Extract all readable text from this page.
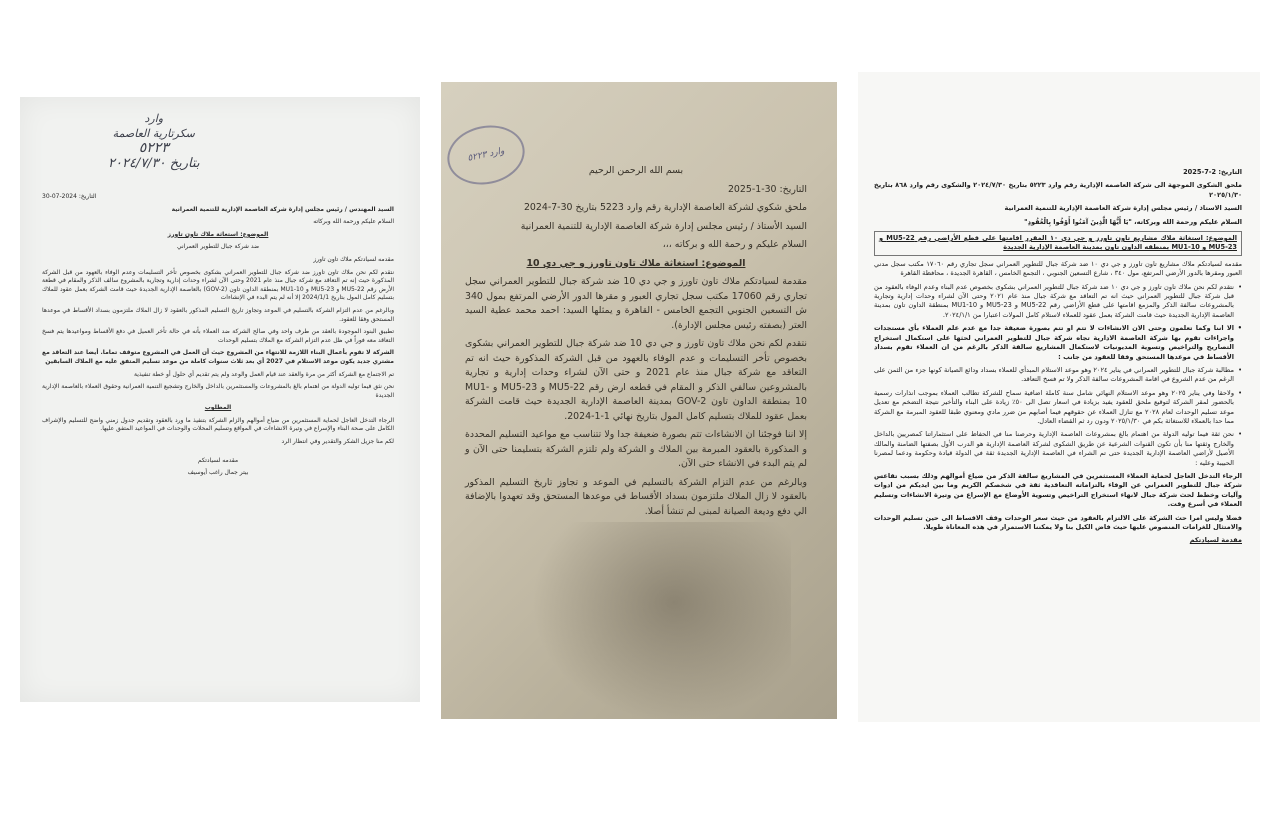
وارد
سكرتارية العاصمة
٥٢٢٣
بتاريخ ٢٠٢٤/٧/٣٠

التاريخ: 2024-07-30

السيد المهندس / رئيس مجلس إدارة شركة العاصمة الإدارية للتنمية العمرانية

السلام عليكم ورحمة الله وبركاته

الموضوع: استغاثة ملاك تاون تاورز

ضد شركة جبال للتطوير العمراني

مقدمه لسيادتكم ملاك تاون تاورز

نتقدم لكم نحن ملاك تاون تاورز ضد شركة جبال للتطوير العمراني بشكوى بخصوص تأخر التسليمات وعدم الوفاء بالعهود من قبل الشركة المذكورة حيث إنه تم التعاقد مع شركة جبال منذ عام 2021 وحتى الآن لشراء وحدات إدارية وتجارية بالمشروع سالف الذكر والمقام في قطعة الأرض رقم MU5-22 و MU5-23 و MU1-10 بمنطقة الداون تاون (GOV-2) بالعاصمة الإدارية الجديدة حيث قامت الشركة بعمل عقود للملاك بتسليم كامل المول بتاريخ 2024/1/1 إلا أنه لم يتم البدء في الإنشاءات

وبالرغم من عدم التزام الشركة بالتسليم في الموعد وتجاوز تاريخ التسليم المذكور بالعقود لا زال الملاك ملتزمون بسداد الأقساط في موعدها المستحق وفقا للعقود.

تطبيق البنود الموجودة بالعقد من طرف واحد وفي صالح الشركة ضد العملاء بأنه في حالة تأخر العميل في دفع الأقساط ومواعيدها يتم فسخ التعاقد معه فوراً في ظل عدم التزام الشركة مع الملاك بتسليم الوحدات

الشركة لا تقوم بأعمال البناء اللازمة للانتهاء من المشروع حيث أن العمل في المشروع متوقف تماما. أيضا عند التعاقد مع مشتري جديد يكون موعد الاستلام في 2027 أي بعد ثلاث سنوات كاملة من موعد تسليم المتفق عليه مع الملاك السابقين

تم الاجتماع مع الشركة أكثر من مرة والعقد عند قيام العمل والوعد ولم يتم تقديم أي حلول أو خطة تنفيذية

نحن نثق فيما توليه الدولة من اهتمام بالغ بالمشروعات والمستثمرين بالداخل والخارج وتشجيع التنمية العمرانية وحقوق العملاء بالعاصمة الإدارية الجديدة

المطلوب

الرجاء التدخل العاجل لحماية المستثمرين من ضياع أموالهم والزام الشركة بتنفيذ ما ورد بالعقود وتقديم جدول زمني واضح للتسليم والإشراف الكامل على صحة البناء والإسراع في وتيرة الانشاءات في المواقع وتسليم المحلات والوحدات في المواعيد المتفق عليها.

لكم منا جزيل الشكر والتقدير وفي انتظار الرد

مقدمه لسيادتكم

بيتر جمال راغب أيوسيف

وارد ٥٢٢٣

بسم الله الرحمن الرحيم

التاريخ: 30-1-2025

ملحق شكوي لشركة العاصمة الإدارية رقم وارد 5223 بتاريخ 30-7-2024

السيد الأستاذ / رئيس مجلس إدارة شركة العاصمة الإدارية للتنمية العمرانية

السلام عليكم و رحمة الله و بركاته ،،،

الموضوع: استغاثة ملاك تاون تاورز و جي دي 10

مقدمة لسيادتكم ملاك تاون تاورز و جي دي 10 ضد شركة جبال للتطوير العمراني سجل تجاري رقم 17060 مكتب سجل تجاري العبور و مقرها الدور الأرضي المرتفع بمول 340 ش التسعين الجنوبي التجمع الخامس - القاهرة و يمثلها السيد: احمد محمد عطية السيد العتر (بصفته رئيس مجلس الإدارة).

نتقدم لكم نحن ملاك تاون تاورز و جي دي 10 ضد شركة جبال للتطوير العمراني بشكوى بخصوص تأخر التسليمات و عدم الوفاء بالعهود من قبل الشركة المذكورة حيث انه تم التعاقد مع شركة جبال منذ عام 2021 و حتى الآن لشراء وحدات إدارية و تجارية بالمشروعين سالفي الذكر و المقام في قطعه ارض رقم MU5-22 و MU5-23 و MU1-10 بمنطقة الداون تاون GOV-2 بمدينة العاصمة الإدارية الجديدة حيث قامت الشركة بعمل عقود للملاك بتسليم كامل المول بتاريخ نهائي 1-1-2024.

إلا اننا فوجئنا ان الانشاءات تتم بصورة ضعيفة جدا ولا تتناسب مع مواعيد التسليم المحددة و المذكورة بالعقود المبرمة بين الملاك و الشركة ولم تلتزم الشركة بتسليمنا حتى الآن و لم يتم البدء في الانشاء حتى الآن.

وبالرغم من عدم التزام الشركة بالتسليم في الموعد و تجاوز تاريخ التسليم المذكور بالعقود لا زال الملاك ملتزمون بسداد الأقساط في موعدها المستحق وقد تعهدوا بالإضافة الي دفع وديعة الصيانة لمبنى لم تنشأ أصلا.

التاريخ: 2-7-2025

ملحق الشكوى الموجهة الى شركة العاصمه الإدارية رقم وارد ٥٢٢٣ بتاريخ ٢٠٢٤/٧/٣٠ والشكوى رقم وارد ٨٦٨ بتاريخ ٢٠٢٥/١/٣٠

السيد الاستاذ / رئيس مجلس إدارة شركة العاصمة الإدارية للتنمية العمرانية

السلام عليكم ورحمة الله وبركاته، "يَا أَيُّهَا الَّذِينَ آمَنُوا أَوْفُوا بِالْعُقُودِ"

الموضوع: استغاثة ملاك مشاريع تاون تاورز و جي دي ١٠ المقرر اقامتها على قطع الأراضي رقم MU5-22 و MU5-23 و MU1-10 بمنطقه الداون تاون بمدينة العاصمة الإدارية الجديدة

مقدمه لسيادتكم ملاك مشاريع تاون تاورز و جي دي ١٠ ضد شركة جبال للتطوير العمراني سجل تجاري رقم ١٧٠٦٠ مكتب سجل مدني العبور ومقرها بالدور الأرضي المرتفع، مول ٣٤٠ ، شارع التسعين الجنوبي ، التجمع الخامس ، القاهرة الجديدة ، محافظة القاهرة

• نتقدم لكم نحن ملاك تاون تاورز و جي دي ١٠ ضد شركة جبال للتطوير العمراني بشكوى بخصوص عدم البناء وعدم الوفاء بالعقود من قبل شركة جبال للتطوير العمراني حيث انه تم التعاقد مع شركة جبال منذ عام ٢٠٢١ وحتى الآن لشراء وحدات إدارية وتجارية بالمشروعات سالفة الذكر والمزمع اقامتها على قطع الأراضي رقم MU5-22 و MU5-23 و MU1-10 بمنطقة الداون تاون بمدينة العاصمة الإدارية الجديدة حيث قامت الشركة بعمل عقود للعملاء لاستلام كامل المولات اعتبارا من ٢٠٢٤/١/١.

• الا اننا وكما تعلمون وحتى الان الانشاءات لا تتم او تتم بصورة ضعيفة جدا مع عدم علم العملاء بأي مستجدات واجراءات تقوم بها شركة العاصمة الادارية تجاه شركة جبال للتطوير العمراني لحثها على استكمال استخراج التصاريح والتراخيص وتسوية المديونيات لاستكمال المشاريع سالفة الذكر بالرغم من ان العملاء تقوم بسداد الأقساط في موعدها المستحق وفقا للعقود من جانب :

• مطالبة شركة جبال للتطوير العمراني في يناير ٢٠٢٤ وهو موعد الاستلام المبدأي للعملاء بسداد ودائع الصيانة كونها جزء من الثمن على الرغم من عدم الشروع في اقامة المشروعات سالفة الذكر ولا تم فسخ التعاقد.

• ولاحقا وفي يناير ٢٠٢٥ وهو موعد الاستلام النهائي شامل سنة كاملة اضافية سماح للشركة تطالب العملاء بموجب انذارات رسمية بالحضور لمقر الشركة لتوقيع ملحق للعقود يفيد بزيادة في اسعار تصل الى ٥٠٪ زيادة على البناء والتأخير نتيجة التضخم مع تعديل موعد تسليم الوحدات لعام ٢٠٢٨ مع تنازل العملاء عن حقوقهم فيما أصابهم من ضرر مادي ومعنوي طبقا للعقود المبرمة مع الشركة مما حدا بالعملاء للاستغاثة بكم في ٢٠٢٥/١/٣٠ ودون رد ثم القضاء العادل.

• نحن ثقة فيما توليه الدولة من اهتمام بالغ بمشروعات العاصمة الإدارية وحرصنا منا في الحفاظ على استثماراتنا كمصريين بالداخل والخارج وثقتها منا بأن تكون القنوات الشرعية عن طريق الشكوى لشركة العاصمة الإدارية هو الدرب الأول بصفتها الضامنة والمالك الأصيل لأراضي العاصمة الإدارية الجديدة حتى تم الشراء في العاصمة الإدارية الجديدة ثقة في الدولة قيادة وحكومة ودعما لمصرنا الحبيبة وعليه :

الرجاء التدخل العاجل لحماية العملاء المستثمرين في المشاريع سالفة الذكر من ضياع أموالهم وذلك بسبب تقاعس شركة جبال للتطوير العمراني عن الوفاء بالتزاماته التعاقدية ثقة في شخصكم الكريم وما بين ايديكم من ادوات وآليات وخطط لحث شركة جبال لانهاء استخراج التراخيص وتسوية الأوضاع مع الإسراع من وتيرة الانشاءات وتسليم العملاء في أسرع وقت.

فضلا وليس امرا حث الشركة على الالتزام بالعقود من حيث سعر الوحدات وقف الاقساط الى حين تسليم الوحدات والامتثال للغرامات المنصوص عليها حيث فاض الكيل بنا ولا يمكننا الاستمرار في هذه المعاناة طويلا.

مقدمة لسيادتكم
